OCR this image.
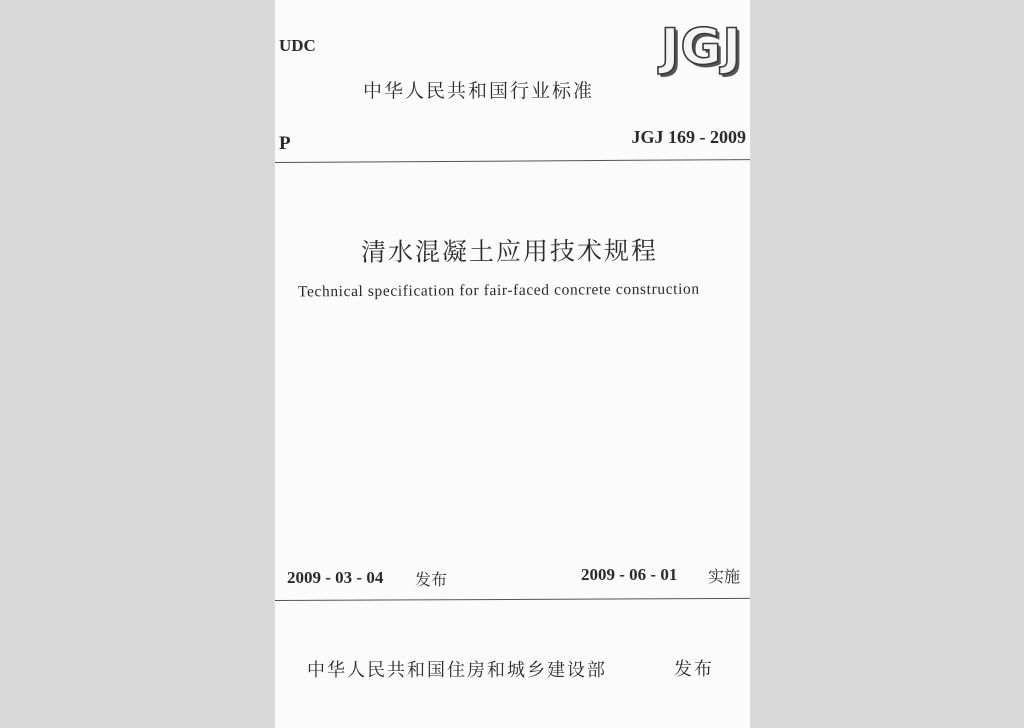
UDC	JGJ
中华人民共和国行业标准
P	JGJ 169 - 2009
清水混凝土应用技术规程
Technical specification for fair-faced concrete construction
2009 - 03 - 04 发布	2009 - 06 - 01 实施
中华人民共和国住房和城乡建设部	发布
